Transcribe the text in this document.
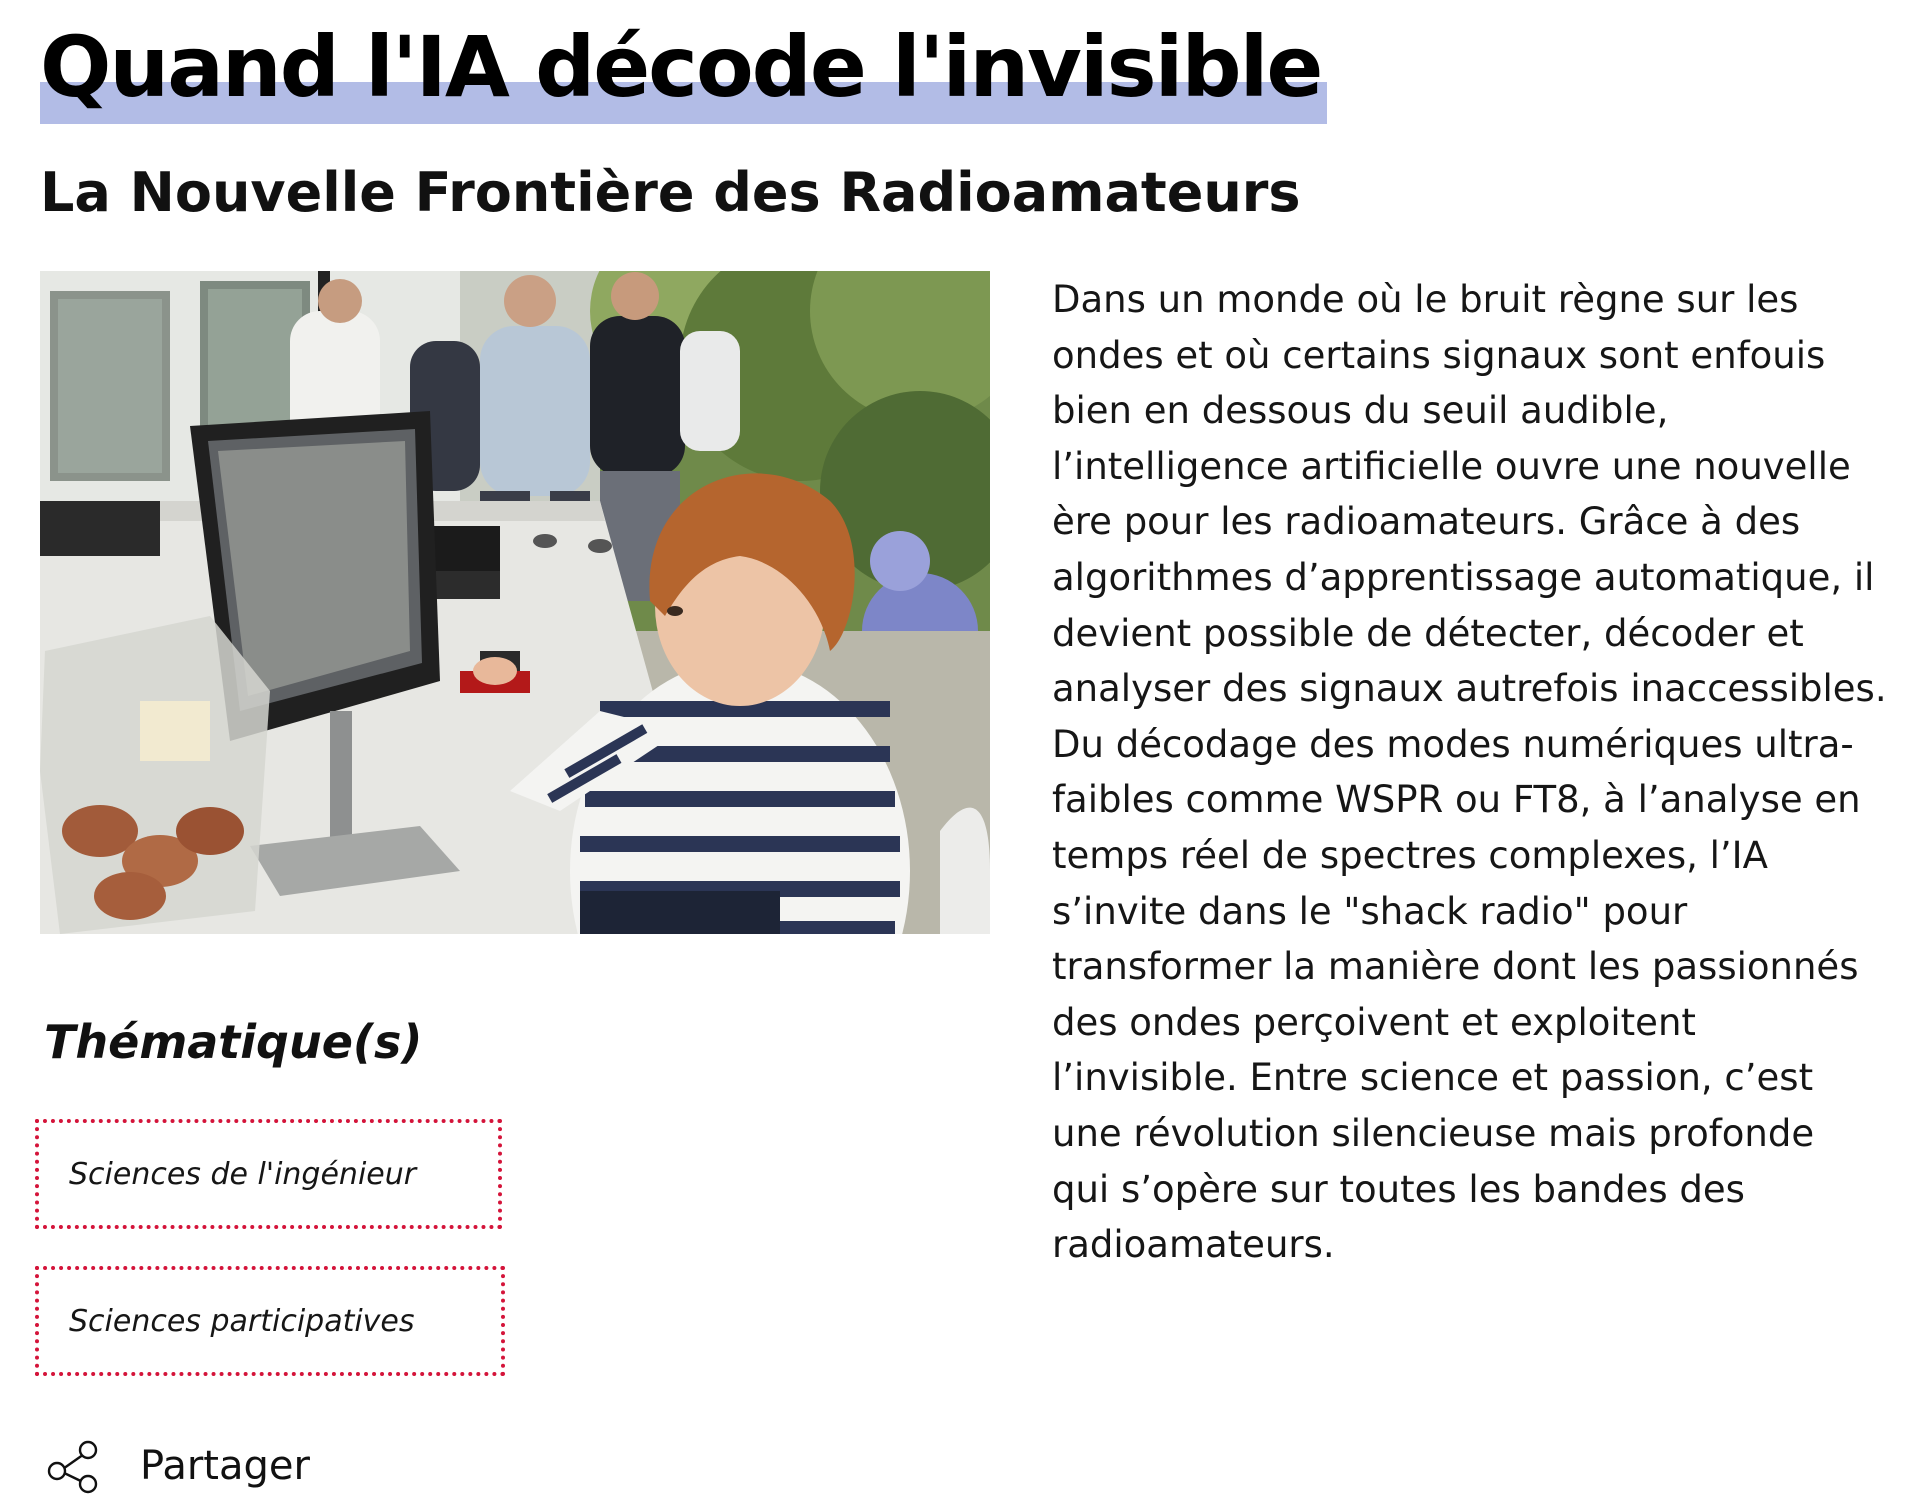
Quand l'IA décode l'invisible
La Nouvelle Frontière des Radioamateurs
Dans un monde où le bruit règne sur les
ondes et où certains signaux sont enfouis
bien en dessous du seuil audible,
l’intelligence artificielle ouvre une nouvelle
ère pour les radioamateurs. Grâce à des
algorithmes d’apprentissage automatique, il
devient possible de détecter, décoder et
analyser des signaux autrefois inaccessibles.
Du décodage des modes numériques ultra-
faibles comme WSPR ou FT8, à l’analyse en
temps réel de spectres complexes, l’IA
s’invite dans le "shack radio" pour
transformer la manière dont les passionnés
des ondes perçoivent et exploitent
l’invisible. Entre science et passion, c’est
une révolution silencieuse mais profonde
qui s’opère sur toutes les bandes des
radioamateurs.
Thématique(s)
Sciences de l'ingénieur
Sciences participatives
Partager
